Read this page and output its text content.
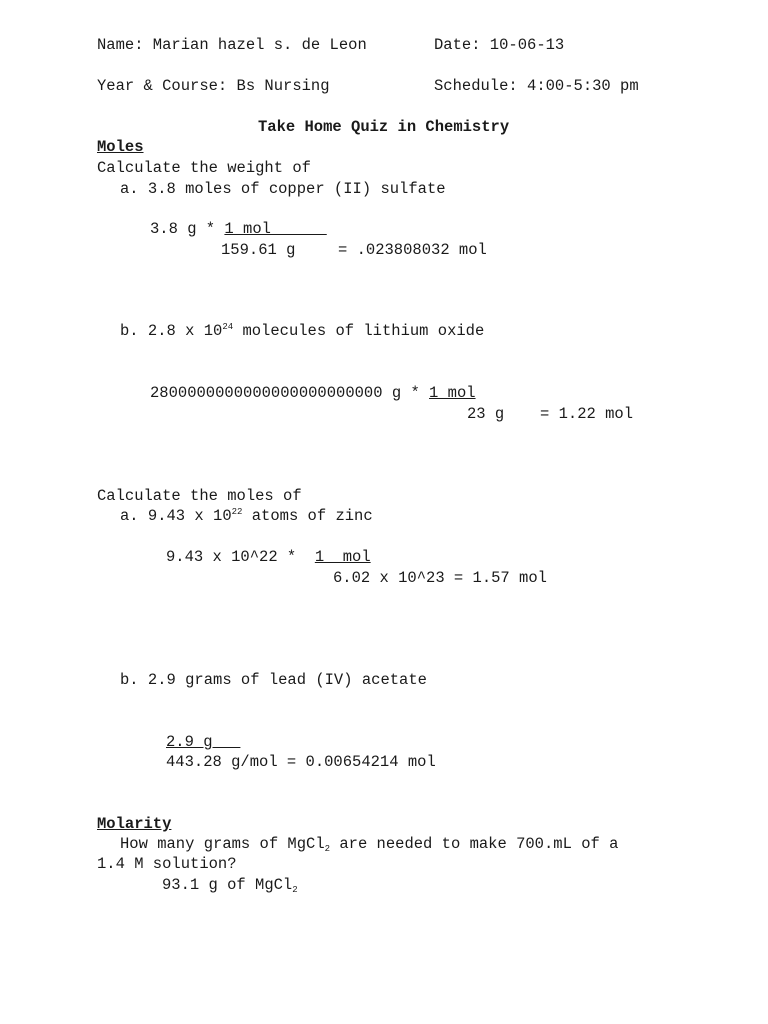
Name: Marian hazel s. de Leon	Date: 10-06-13
Year & Course: Bs Nursing	Schedule: 4:00-5:30 pm
Take Home Quiz in Chemistry
Moles
Calculate the weight of
a. 3.8 moles of copper (II) sulfate
3.8 g * 1 mol
159.61 g	= .023808032 mol
b. 2.8 x $10^{24}$ molecules of lithium oxide
2800000000000000000000000 g * 1 mol
23 g = 1.22 mol
Calculate the moles of
a. 9.43 x $10^{22}$ atoms of zinc
9.43 x 10^22 *  1  mol
6.02 x 10^23 = 1.57 mol
b. 2.9 grams of lead (IV) acetate
2.9 g
443.28 g/mol = 0.00654214 mol
Molarity
How many grams of MgCl$_2$ are needed to make 700.mL of a
1.4 M solution?
93.1 g of MgCl$_2$
